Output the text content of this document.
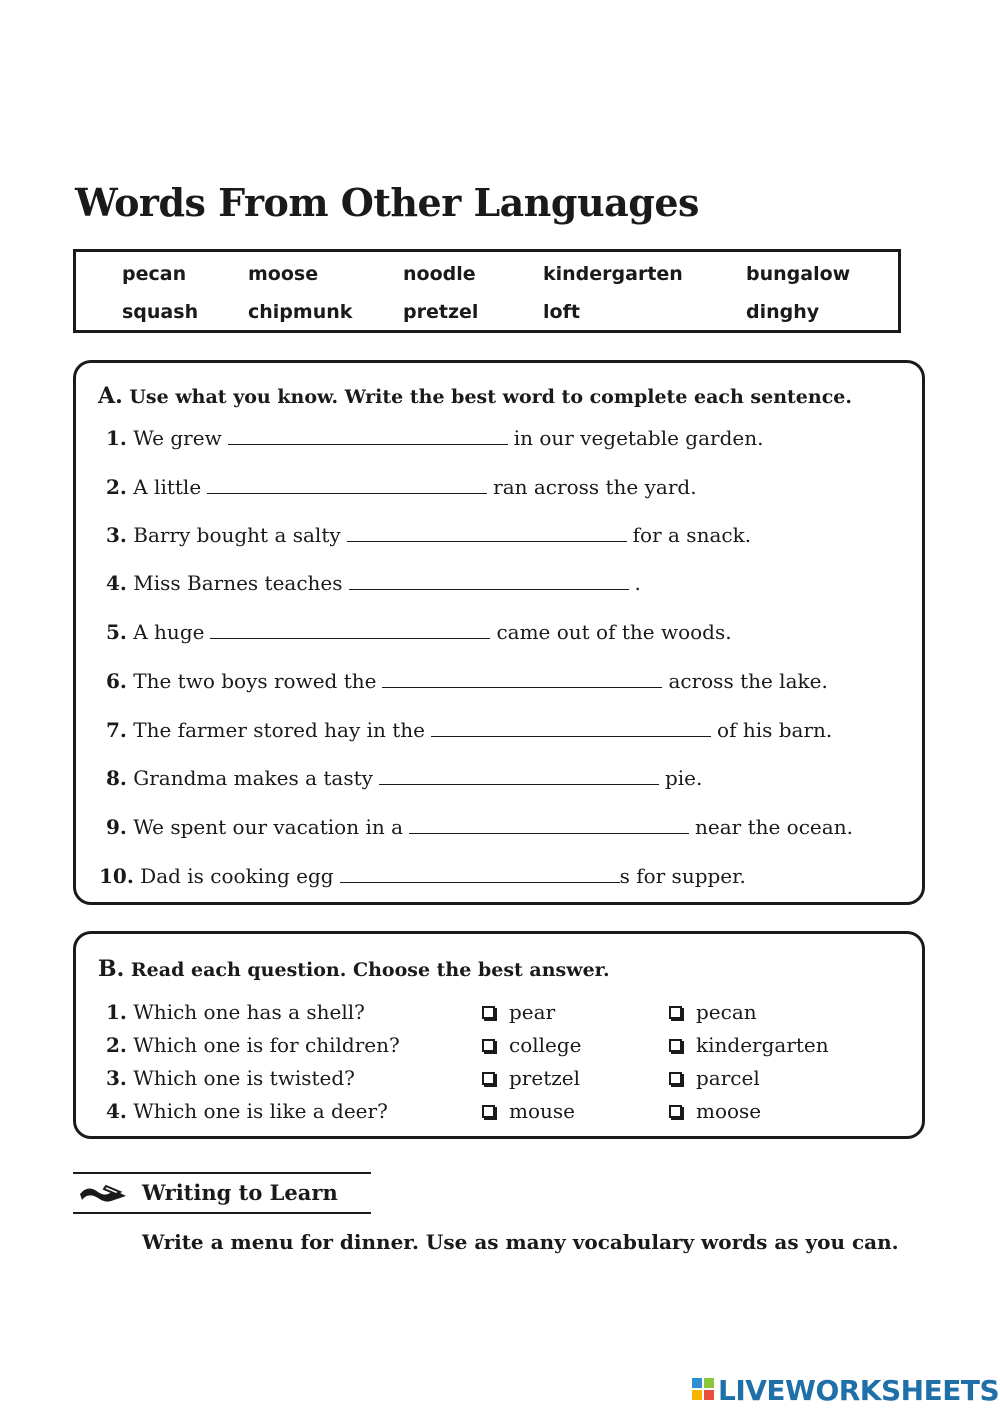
Words From Other Languages
pecan	moose	noodle	kindergarten	bungalow
squash	chipmunk	pretzel	loft	dinghy
A. Use what you know. Write the best word to complete each sentence.
1. We grew	in our vegetable garden.
2. A little	ran across the yard.
3. Barry bought a salty	for a snack.
4. Miss Barnes teaches	.
5. A huge	came out of the woods.
6. The two boys rowed the	across the lake.
7. The farmer stored hay in the	of his barn.
8. Grandma makes a tasty	pie.
9. We spent our vacation in a	near the ocean.
10. Dad is cooking egg	s for supper.
B. Read each question. Choose the best answer.
1. Which one has a shell?	pear	pecan
2. Which one is for children?	college	kindergarten
3. Which one is twisted?	pretzel	parcel
4. Which one is like a deer?	mouse	moose
Writing to Learn
Write a menu for dinner. Use as many vocabulary words as you can.
LIVEWORKSHEETS
